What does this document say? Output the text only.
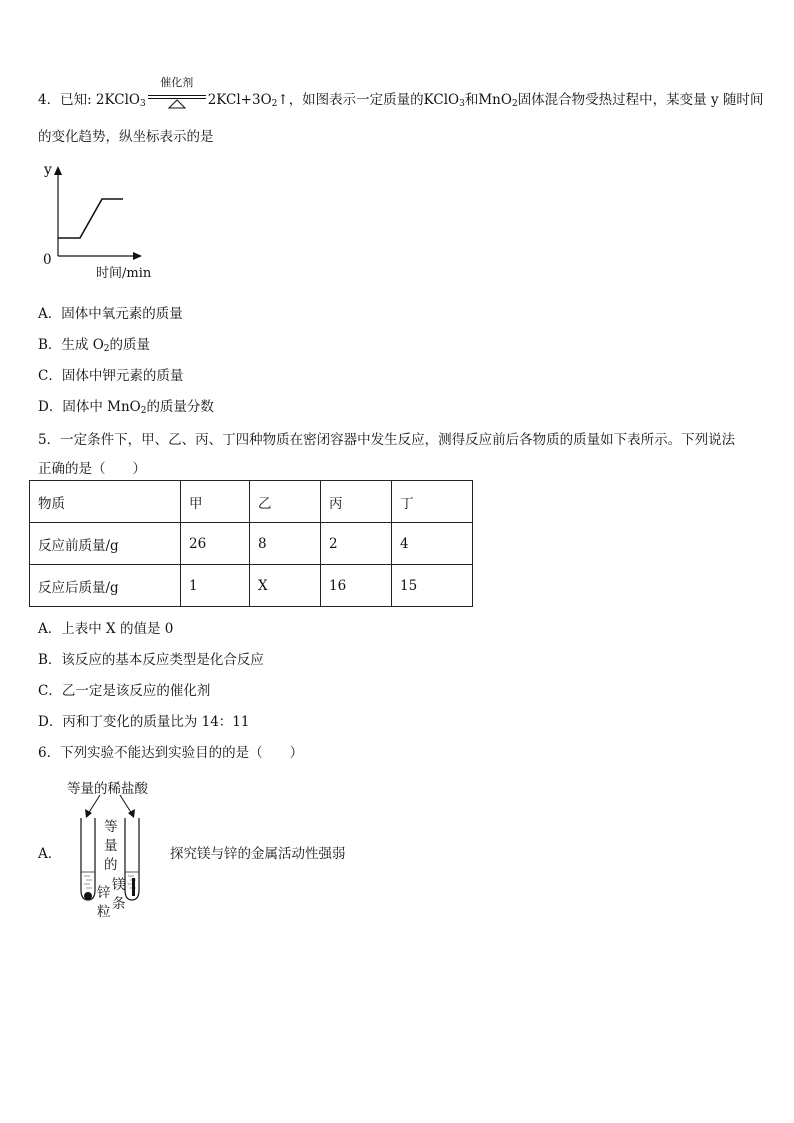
4．已知: 2KClO$_3$
催化剂
$2KCl+3O_2↑$，如图表示一定质量的KClO$_3$和MnO$_2$固体混合物受热过程中，某变量 y 随时间
的变化趋势，纵坐标表示的是
y
0
时间/min
A．固体中氧元素的质量
B．生成 $O_2$的质量
C．固体中钾元素的质量
D．固体中 MnO$_2$的质量分数
5．一定条件下，甲、乙、丙、丁四种物质在密闭容器中发生反应，测得反应前后各物质的质量如下表所示。下列说法
正确的是（　　）
物质	甲	乙	丙	丁
反应前质量/g	26	8	2	4
反应后质量/g	1	X	16	15
A．上表中 X 的值是 0
B．该反应的基本反应类型是化合反应
C．乙一定是该反应的催化剂
D．丙和丁变化的质量比为 14：11
6．下列实验不能达到实验目的的是（　　）
等量的稀盐酸
等
量
的
锌
粒
镁
条
A．	探究镁与锌的金属活动性强弱
